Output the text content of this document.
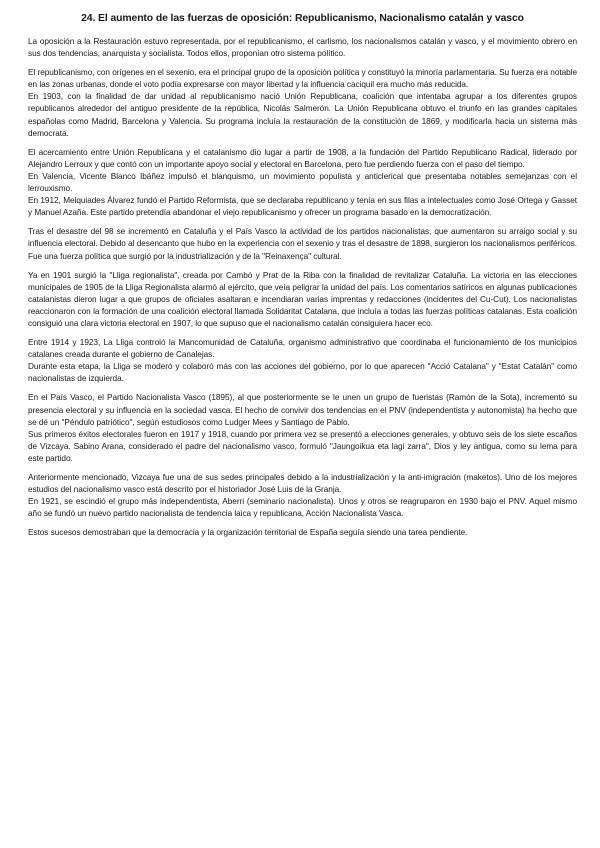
24. El aumento de las fuerzas de oposición: Republicanismo, Nacionalismo catalán y vasco

La oposición a la Restauración estuvo representada, por el republicanismo, el carlismo, los nacionalismos catalán y vasco, y el movimiento obrero en sus dos tendencias, anarquista y socialista. Todos ellos, proponían otro sistema político.

El republicanismo, con orígenes en el sexenio, era el principal grupo de la oposición política y constituyó la minoría parlamentaria. Su fuerza era notable en las zonas urbanas, donde el voto podía expresarse con mayor libertad y la influencia caciquil era mucho más reducida.

En 1903, con la finalidad de dar unidad al republicanismo nació Unión Republicana, coalición que intentaba agrupar a los diferentes grupos republicanos alrededor del antiguo presidente de la república, Nicolás Salmerón. La Unión Republicana obtuvo el triunfo en las grandes capitales españolas como Madrid, Barcelona y Valencia. Su programa incluía la restauración de la constitución de 1869, y modificarla hacia un sistema más democrata.

El acercamiento entre Unión Republicana y el catalanismo dio lugar a partir de 1908, a la fundación del Partido Republicano Radical, liderado por Alejandro Lerroux y que contó con un importante apoyo social y electoral en Barcelona, pero fue perdiendo fuerza con el paso del tiempo.

En Valencia, Vicente Blanco Ibáñez impulsó el blanquismo, un movimiento populista y anticlerical que presentaba notables semejanzas con el lerrouxismo.

En 1912, Melquiades Álvarez fundó el Partido Reformista, que se declaraba republicano y tenía en sus filas a intelectuales como José Ortega y Gasset y Manuel Azaña. Este partido pretendía abandonar el viejo republicanismo y ofrecer un programa basado en la democratización.

Tras el desastre del 98 se incrementó en Cataluña y el País Vasco la actividad de los partidos nacionalistas, que aumentaron su arraigo social y su influencia electoral. Debido al desencanto que hubo en la experiencia con el sexenio y tras el desastre de 1898, surgieron los nacionalismos periféricos. Fue una fuerza política que surgió por la industrialización y de la "Reinaxença" cultural.

Ya en 1901 surgió la "Lliga regionalista", creada por Cambó y Prat de la Riba con la finalidad de revitalizar Cataluña. La victoria en las elecciones municipales de 1905 de la Lliga Regionalista alarmó al ejército, que veía peligrar la unidad del país. Los comentarios satíricos en algunas publicaciones catalanistas dieron lugar a que grupos de oficiales asaltaran e incendiaran varias imprentas y redacciones (incidentes del Cu-Cut). Los nacionalistas reaccionaron con la formación de una coalición electoral llamada Solidaritat Catalana, que incluía a todas las fuerzas políticas catalanas. Esta coalición consiguió una clara victoria electoral en 1907, lo que supuso que el nacionalismo catalán consiguiera hacer eco.

Entre 1914 y 1923, La Lliga controló la Mancomunidad de Cataluña, organismo administrativo que coordinaba el funcionamiento de los municipios catalanes creada durante el gobierno de Canalejas.

Durante esta etapa, la Lliga se moderó y colaboró más con las acciones del gobierno, por lo que aparecen "Acció Catalana" y "Estat Catalán" como nacionalistas de izquierda.

En el País Vasco, el Partido Nacionalista Vasco (1895), al que posteriormente se le unen un grupo de fueristas (Ramón de la Sota), incrementó su presencia electoral y su influencia en la sociedad vasca. El hecho de convivir dos tendencias en el PNV (independentista y autonomista) ha hecho que se dé un "Péndulo patriótico", según estudiosos como Ludger Mees y Santiago de Pablo.

Sus primeros éxitos electorales fueron en 1917 y 1918, cuando por primera vez se presentó a elecciones generales, y obtuvo seis de los siete escaños de Vizcaya. Sabino Arana, considerado el padre del nacionalismo vasco, formuló "Jaungoikua eta lagi zarra", Dios y ley antigua, como su lema para este partido.

Anteriormente mencionado, Vizcaya fue una de sus sedes principales debido a la industrialización y la anti-imigración (maketos). Uno de los mejores estudios del nacionalismo vasco está descrito por el historiador José Luis de la Granja.

En 1921, se escindió el grupo más independentista, Aberri (seminario nacionalista). Unos y otros se reagruparon en 1930 bajo el PNV. Aquel mismo año se fundó un nuevo partido nacionalista de tendencia laica y republicana, Acción Nacionalista Vasca.

Estos sucesos demostraban que la democracia y la organización territorial de España seguía siendo una tarea pendiente.
